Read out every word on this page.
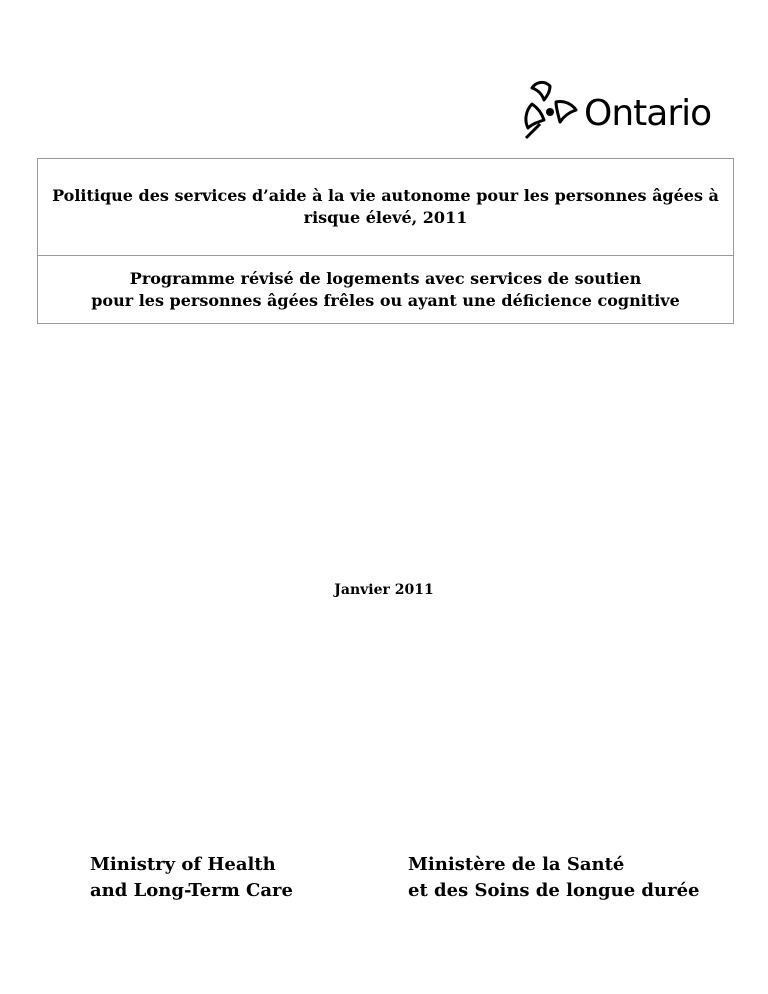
Ontario
Politique des services d’aide à la vie autonome pour les personnes âgées à risque élevé, 2011
Programme révisé de logements avec services de soutien
pour les personnes âgées frêles ou ayant une déficience cognitive
Janvier 2011
Ministry of Health
and Long-Term Care
Ministère de la Santé
et des Soins de longue durée
